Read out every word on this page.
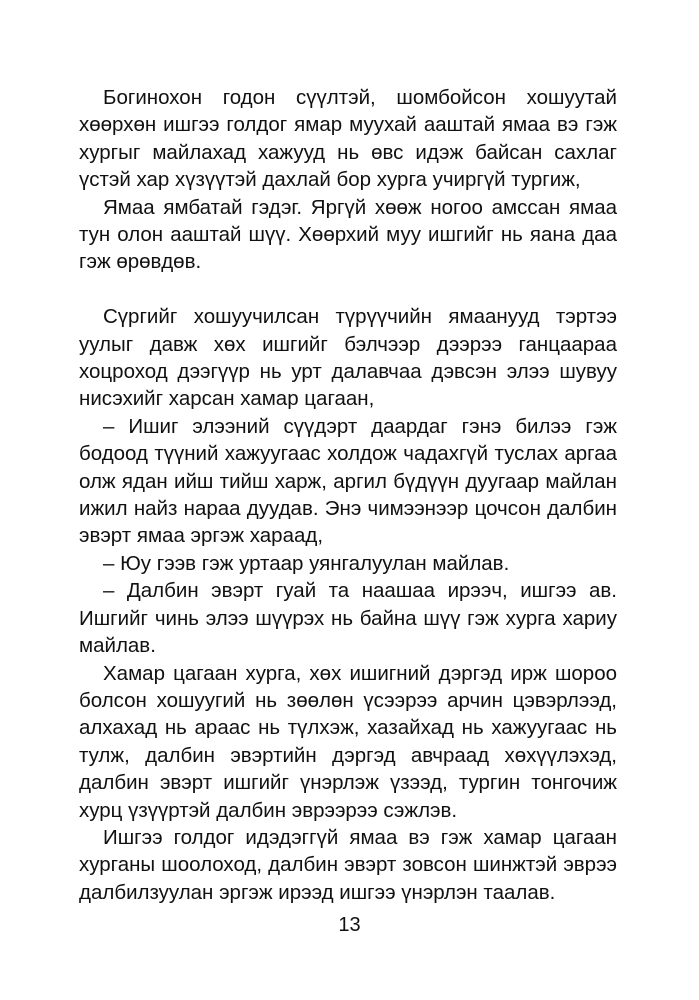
Богинохон годон сүүлтэй, шомбойсон хошуутай хөөрхөн ишгээ голдог ямар муухай ааштай ямаа вэ гэж хургыг майлахад хажууд нь өвс идэж байсан сахлаг үстэй хар хүзүүтэй дахлай бор хурга учиргүй тургиж,

Ямаа ямбатай гэдэг. Яргүй хөөж ногоо амссан ямаа тун олон ааштай шүү. Хөөрхий муу ишгийг нь яана даа гэж өрөвдөв.

Сүргийг хошуучилсан түрүүчийн ямаанууд тэртээ уулыг давж хөх ишгийг бэлчээр дээрээ ганцаараа хоцроход дээгүүр нь урт далавчаа дэвсэн элээ шувуу нисэхийг харсан хамар цагаан,

– Ишиг элээний сүүдэрт даардаг гэнэ билээ гэж бодоод түүний хажуугаас холдож чадахгүй туслах аргаа олж ядан ийш тийш харж, аргил бүдүүн дуугаар майлан ижил найз нараа дуудав. Энэ чимээнээр цочсон далбин эвэрт ямаа эргэж хараад,

– Юу гээв гэж уртаар уянгалуулан майлав.

– Далбин эвэрт гуай та наашаа ирээч, ишгээ ав. Ишгийг чинь элээ шүүрэх нь байна шүү гэж хурга хариу майлав.

Хамар цагаан хурга, хөх ишигний дэргэд ирж шороо болсон хошуугий нь зөөлөн үсээрээ арчин цэвэрлээд, алхахад нь араас нь түлхэж, хазайхад нь хажуугаас нь тулж, далбин эвэртийн дэргэд авчраад хөхүүлэхэд, далбин эвэрт ишгийг үнэрлэж үзээд, тургин тонгочиж хурц үзүүртэй далбин эврээрээ сэжлэв.

Ишгээ голдог идэдэггүй ямаа вэ гэж хамар цагаан хурганы шоолоход, далбин эвэрт зовсон шинжтэй эврээ далбилзуулан эргэж ирээд ишгээ үнэрлэн таалав.

13
